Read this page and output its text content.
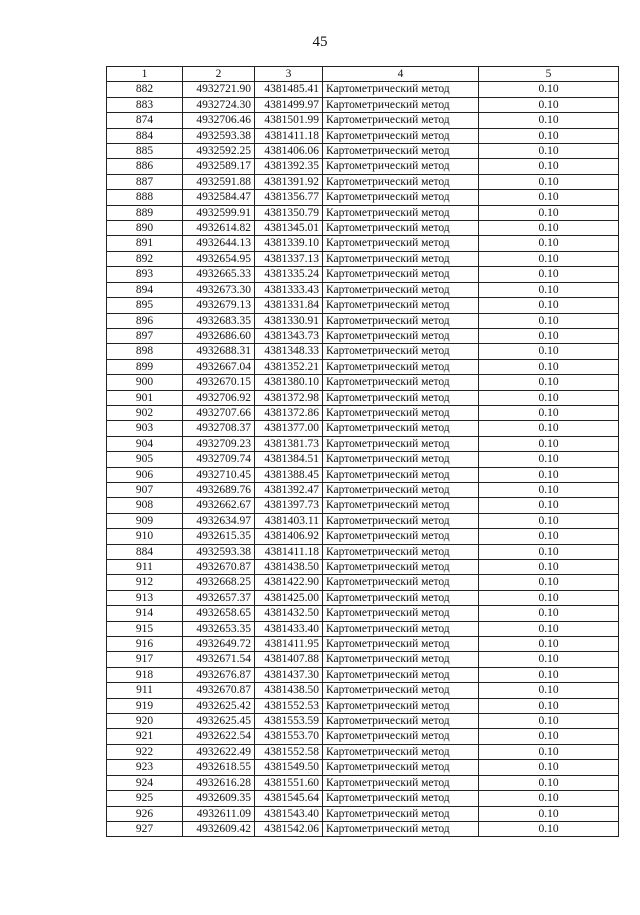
45
1	2	3	4	5
882	4932721.90	4381485.41	Картометрический метод	0.10
883	4932724.30	4381499.97	Картометрический метод	0.10
874	4932706.46	4381501.99	Картометрический метод	0.10
884	4932593.38	4381411.18	Картометрический метод	0.10
885	4932592.25	4381406.06	Картометрический метод	0.10
886	4932589.17	4381392.35	Картометрический метод	0.10
887	4932591.88	4381391.92	Картометрический метод	0.10
888	4932584.47	4381356.77	Картометрический метод	0.10
889	4932599.91	4381350.79	Картометрический метод	0.10
890	4932614.82	4381345.01	Картометрический метод	0.10
891	4932644.13	4381339.10	Картометрический метод	0.10
892	4932654.95	4381337.13	Картометрический метод	0.10
893	4932665.33	4381335.24	Картометрический метод	0.10
894	4932673.30	4381333.43	Картометрический метод	0.10
895	4932679.13	4381331.84	Картометрический метод	0.10
896	4932683.35	4381330.91	Картометрический метод	0.10
897	4932686.60	4381343.73	Картометрический метод	0.10
898	4932688.31	4381348.33	Картометрический метод	0.10
899	4932667.04	4381352.21	Картометрический метод	0.10
900	4932670.15	4381380.10	Картометрический метод	0.10
901	4932706.92	4381372.98	Картометрический метод	0.10
902	4932707.66	4381372.86	Картометрический метод	0.10
903	4932708.37	4381377.00	Картометрический метод	0.10
904	4932709.23	4381381.73	Картометрический метод	0.10
905	4932709.74	4381384.51	Картометрический метод	0.10
906	4932710.45	4381388.45	Картометрический метод	0.10
907	4932689.76	4381392.47	Картометрический метод	0.10
908	4932662.67	4381397.73	Картометрический метод	0.10
909	4932634.97	4381403.11	Картометрический метод	0.10
910	4932615.35	4381406.92	Картометрический метод	0.10
884	4932593.38	4381411.18	Картометрический метод	0.10
911	4932670.87	4381438.50	Картометрический метод	0.10
912	4932668.25	4381422.90	Картометрический метод	0.10
913	4932657.37	4381425.00	Картометрический метод	0.10
914	4932658.65	4381432.50	Картометрический метод	0.10
915	4932653.35	4381433.40	Картометрический метод	0.10
916	4932649.72	4381411.95	Картометрический метод	0.10
917	4932671.54	4381407.88	Картометрический метод	0.10
918	4932676.87	4381437.30	Картометрический метод	0.10
911	4932670.87	4381438.50	Картометрический метод	0.10
919	4932625.42	4381552.53	Картометрический метод	0.10
920	4932625.45	4381553.59	Картометрический метод	0.10
921	4932622.54	4381553.70	Картометрический метод	0.10
922	4932622.49	4381552.58	Картометрический метод	0.10
923	4932618.55	4381549.50	Картометрический метод	0.10
924	4932616.28	4381551.60	Картометрический метод	0.10
925	4932609.35	4381545.64	Картометрический метод	0.10
926	4932611.09	4381543.40	Картометрический метод	0.10
927	4932609.42	4381542.06	Картометрический метод	0.10
